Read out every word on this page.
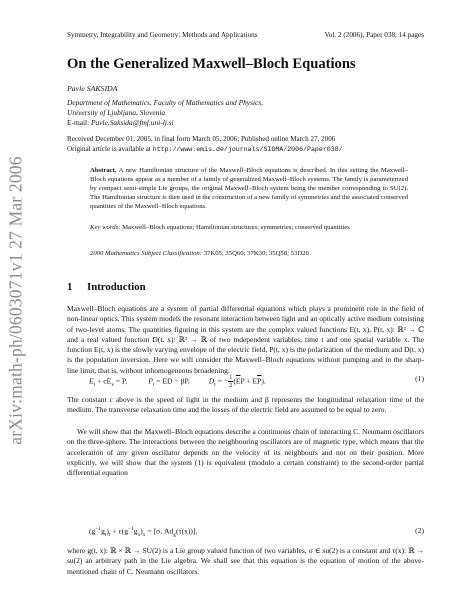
arXiv:math-ph/0603071v1 27 Mar 2006
Symmetry, Integrability and Geometry: Methods and Applications	Vol. 2 (2006), Paper 038, 14 pages
On the Generalized Maxwell–Bloch Equations
Pavle SAKSIDA
Department of Mathematics, Faculty of Mathematics and Physics,
University of Ljubljana, Slovenia
E-mail: Pavle.Saksida@fmf.uni-lj.si
Received December 01, 2005, in final form March 05, 2006; Published online March 27, 2006
Original article is available at http://www.emis.de/journals/SIGMA/2006/Paper038/
Abstract. A new Hamiltonian structure of the Maxwell–Bloch equations is described. In this setting the Maxwell–Bloch equations appear as a member of a family of generalized Maxwell–Bloch systems. The family is parameterized by compact semi-simple Lie groups, the original Maxwell–Bloch system being the member corresponding to SU(2). The Hamiltonian structure is then used in the construction of a new family of symmetries and the associated conserved quantities of the Maxwell–Bloch equations.
Key words: Maxwell–Bloch equations; Hamiltonian structures; symmetries; conserved quantities
2000 Mathematics Subject Classification: 37K05; 35Q60; 37K30; 35Q58; 53D20
1 Introduction
Maxwell–Bloch equations are a system of partial differential equations which plays a prominent role in the field of non-linear optics. This system models the resonant interaction between light and an optically active medium consisting of two-level atoms. The quantities figuring in this system are the complex valued functions E(t, x), P(t, x): ℝ² → ℂ and a real valued function D(t, x): ℝ² → ℝ of two independent variables, time t and one spatial variable x. The function E(t, x) is the slowly varying envelope of the electric field, P(t, x) is the polarization of the medium and D(t, x) is the population inversion. Here we will consider the Maxwell–Bloch equations without pumping and in the sharp-line limit, that is, without inhomogeneous broadening:
$E_t + cE_x = P$,	$P_t$ = ED − βP, $D_t$ = − $\frac{1}{2} (\overline{E}P + E\overline{P})$.	(1)
The constant c above is the speed of light in the medium and β represents the longitudinal relaxation time of the medium. The transverse relaxation time and the losses of the electric field are assumed to be equal to zero.
We will show that the Maxwell–Bloch equations describe a continuous chain of interacting C. Neumann oscillators on the three-sphere. The interactions between the neighbouring oscillators are of magnetic type, which means that the acceleration of any given oscillator depends on the velocity of its neighbours and not on their position. More explicitly, we will show that the system (1) is equivalent (modulo a certain constraint) to the second-order partial differential equation
$(g^{-1}g_t)_t + \varepsilon(g^{-1}g_x)_x = [\sigma$, $Ad_g(\tau(x))$],	(2)
where g(t, x): ℝ × ℝ → SU(2) is a Lie group valued function of two variables, σ ∈ su(2) is a constant and τ(x): ℝ → su(2) an arbitrary path in the Lie algebra. We shall see that this equation is the equation of motion of the above-mentioned chain of C. Neumann oscillators.
